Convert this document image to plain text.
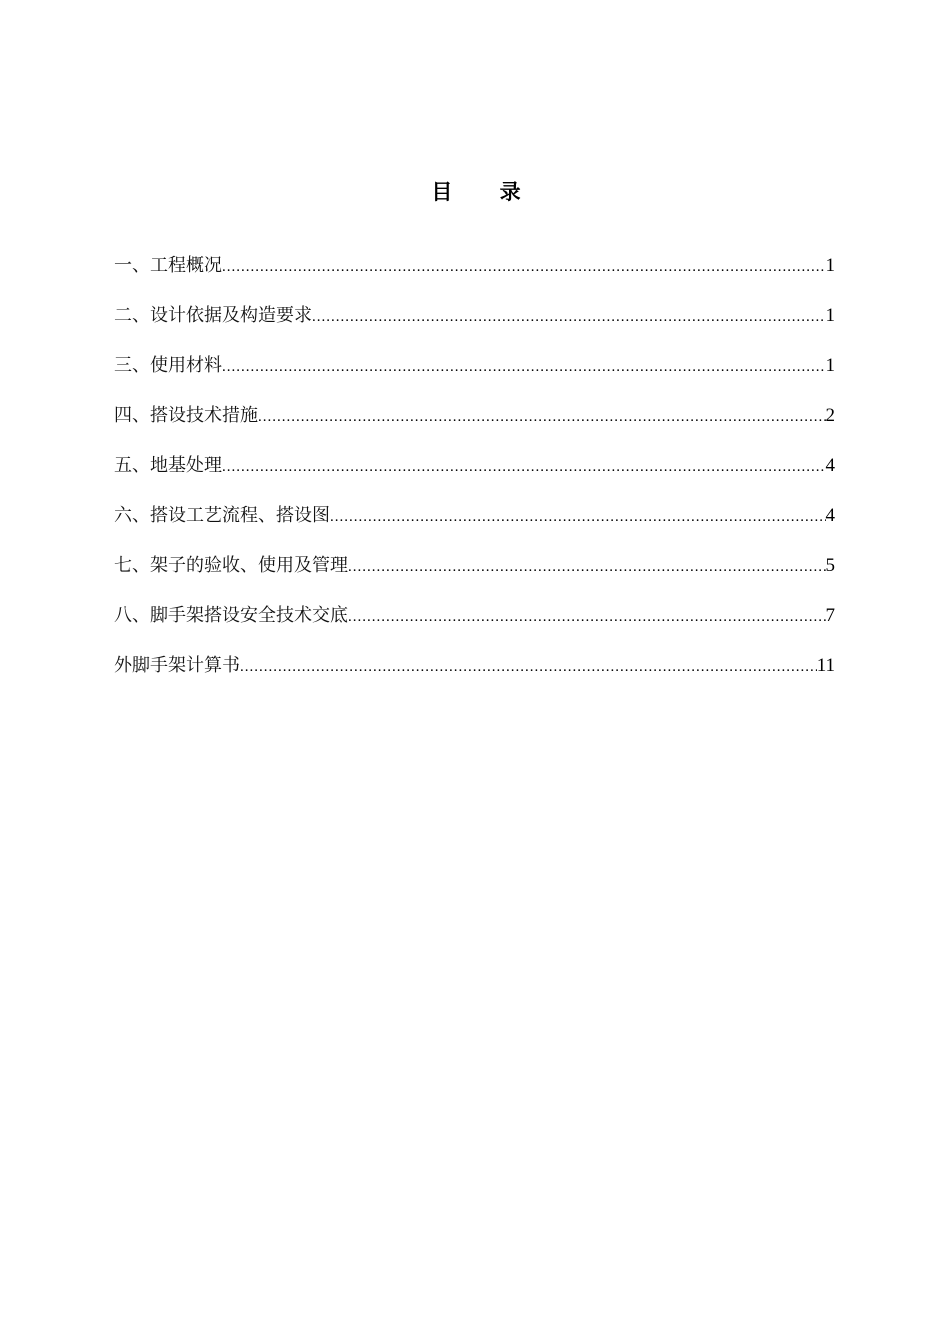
目 录
一、工程概况 .....	1
二、设计依据及构造要求 .....	1
三、使用材料 .....	1
四、搭设技术措施 .....	2
五、地基处理 .....	4
六、搭设工艺流程、搭设图 .....	4
七、架子的验收、使用及管理 .....	5
八、脚手架搭设安全技术交底 .....	7
外脚手架计算书 .....	11
